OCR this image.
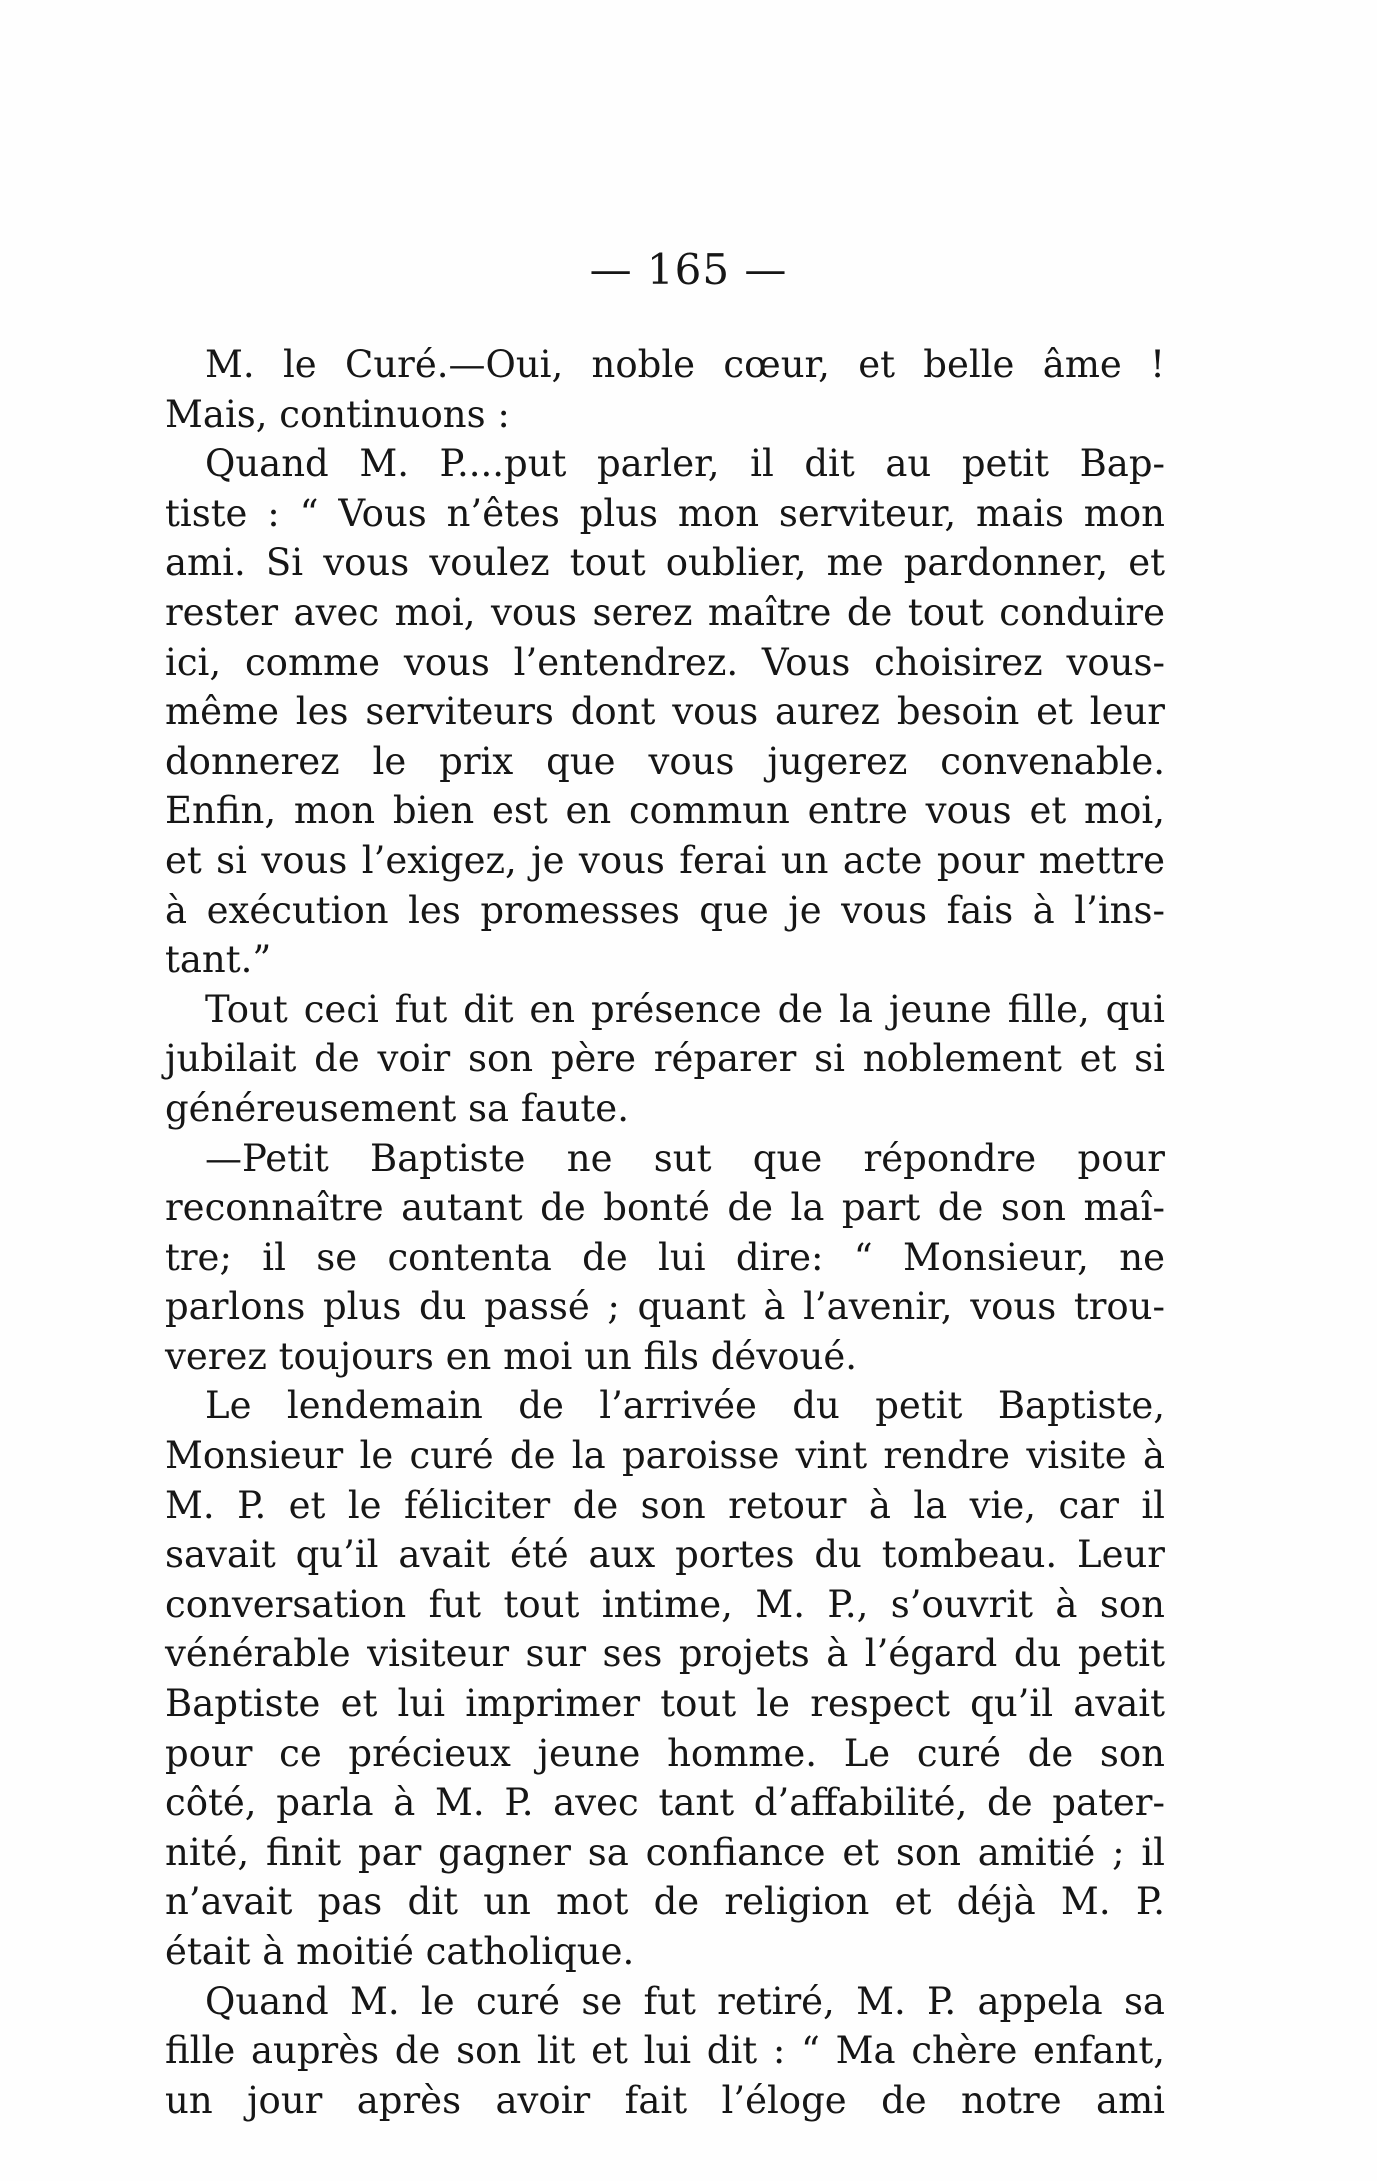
— 165 —
M. le Curé.—Oui, noble cœur, et belle âme !
Mais, continuons :
Quand M. P....put parler, il dit au petit Bap-
tiste : “ Vous n’êtes plus mon serviteur, mais mon
ami. Si vous voulez tout oublier, me pardonner, et
rester avec moi, vous serez maître de tout conduire
ici, comme vous l’entendrez. Vous choisirez vous-
même les serviteurs dont vous aurez besoin et leur
donnerez le prix que vous jugerez convenable.
Enfin, mon bien est en commun entre vous et moi,
et si vous l’exigez, je vous ferai un acte pour mettre
à exécution les promesses que je vous fais à l’ins-
tant.”
Tout ceci fut dit en présence de la jeune fille, qui
jubilait de voir son père réparer si noblement et si
généreusement sa faute.
—Petit Baptiste ne sut que répondre pour
reconnaître autant de bonté de la part de son maî-
tre; il se contenta de lui dire: “ Monsieur, ne
parlons plus du passé ; quant à l’avenir, vous trou-
verez toujours en moi un fils dévoué.
Le lendemain de l’arrivée du petit Baptiste,
Monsieur le curé de la paroisse vint rendre visite à
M. P. et le féliciter de son retour à la vie, car il
savait qu’il avait été aux portes du tombeau. Leur
conversation fut tout intime, M. P., s’ouvrit à son
vénérable visiteur sur ses projets à l’égard du petit
Baptiste et lui imprimer tout le respect qu’il avait
pour ce précieux jeune homme. Le curé de son
côté, parla à M. P. avec tant d’affabilité, de pater-
nité, finit par gagner sa confiance et son amitié ; il
n’avait pas dit un mot de religion et déjà M. P.
était à moitié catholique.
Quand M. le curé se fut retiré, M. P. appela sa
fille auprès de son lit et lui dit : “ Ma chère enfant,
un jour après avoir fait l’éloge de notre ami
